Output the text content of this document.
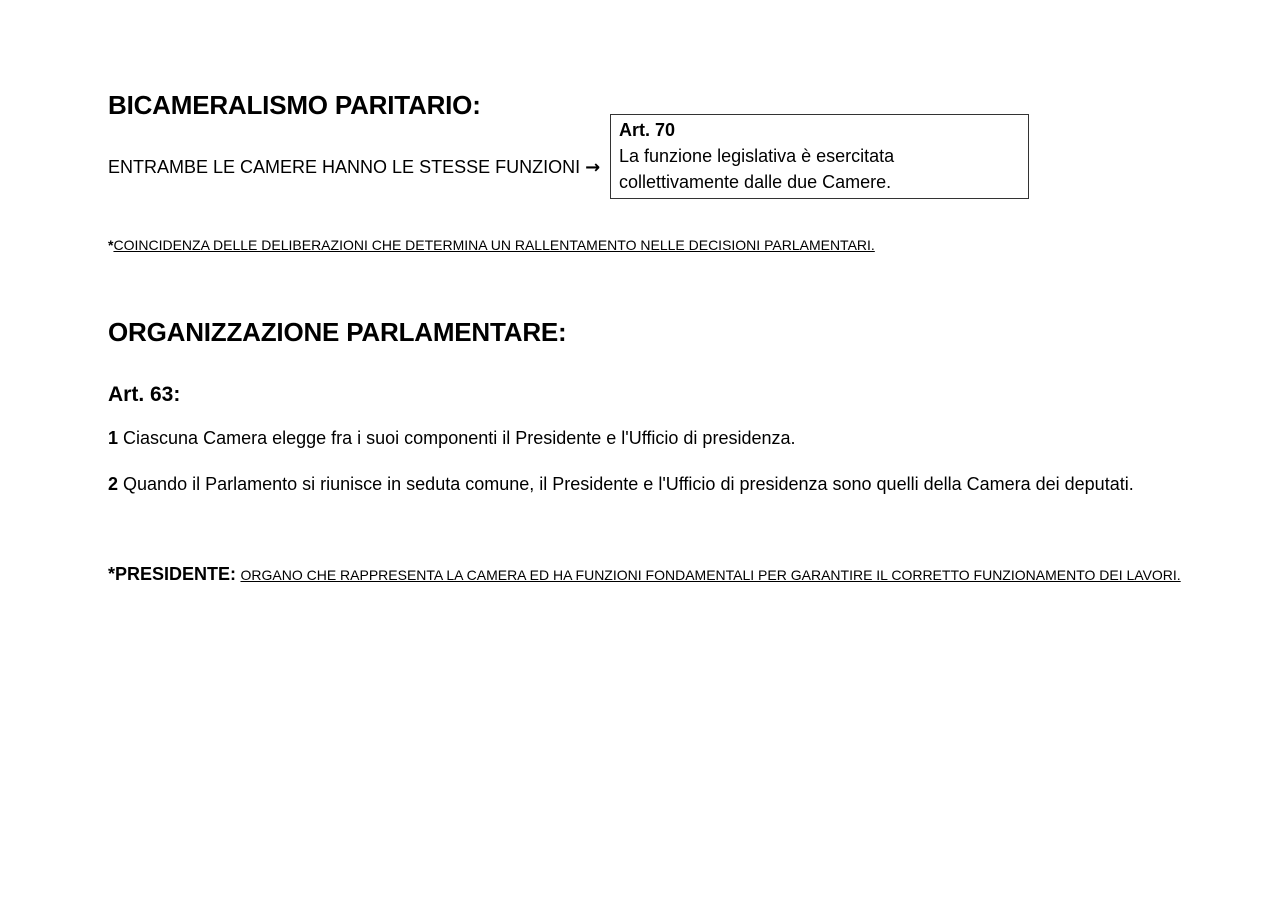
BICAMERALISMO PARITARIO:
ENTRAMBE LE CAMERE HANNO LE STESSE FUNZIONI →
Art. 70
La funzione legislativa è esercitata
collettivamente dalle due Camere.
*COINCIDENZA DELLE DELIBERAZIONI CHE DETERMINA UN RALLENTAMENTO NELLE DECISIONI PARLAMENTARI.
ORGANIZZAZIONE PARLAMENTARE:
Art. 63:
1 Ciascuna Camera elegge fra i suoi componenti il Presidente e l'Ufficio di presidenza.
2 Quando il Parlamento si riunisce in seduta comune, il Presidente e l'Ufficio di presidenza sono quelli della Camera dei deputati.
*PRESIDENTE: ORGANO CHE RAPPRESENTA LA CAMERA ED HA FUNZIONI FONDAMENTALI PER GARANTIRE IL CORRETTO FUNZIONAMENTO DEI LAVORI.
